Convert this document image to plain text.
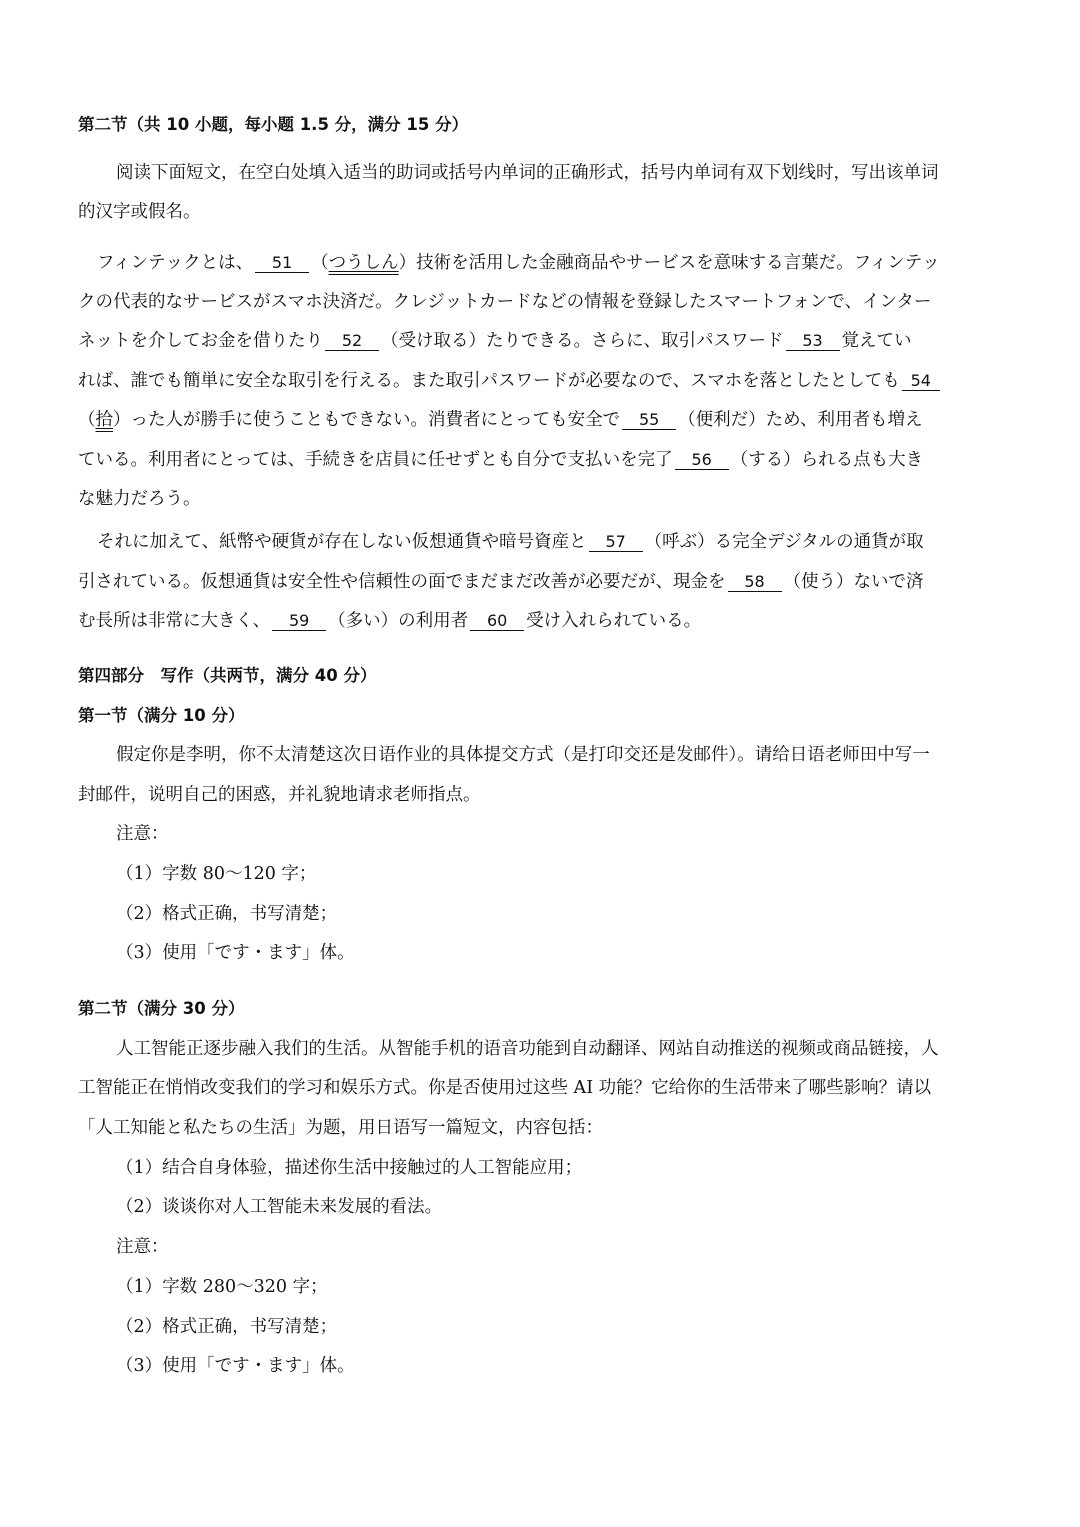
第二节（共 10 小题，每小题 1.5 分，满分 15 分）
阅读下面短文，在空白处填入适当的助词或括号内单词的正确形式，括号内单词有双下划线时，写出该单词
的汉字或假名。
フィンテックとは、 51 （つうしん）技術を活用した金融商品やサービスを意味する言葉だ。フィンテッ
クの代表的なサービスがスマホ決済だ。クレジットカードなどの情報を登録したスマートフォンで、インター
ネットを介してお金を借りたり 52 （受け取る）たりできる。さらに、取引パスワード 53 覚えてい
れば、誰でも簡単に安全な取引を行える。また取引パスワードが必要なので、スマホを落としたとしても 54
（拾）った人が勝手に使うこともできない。消費者にとっても安全で 55 （便利だ）ため、利用者も増え
ている。利用者にとっては、手続きを店員に任せずとも自分で支払いを完了 56 （する）られる点も大き
な魅力だろう。
それに加えて、紙幣や硬貨が存在しない仮想通貨や暗号資産と 57 （呼ぶ）る完全デジタルの通貨が取
引されている。仮想通貨は安全性や信頼性の面でまだまだ改善が必要だが、現金を 58 （使う）ないで済
む長所は非常に大きく、 59 （多い）の利用者 60 受け入れられている。
第四部分　写作（共两节，满分 40 分）
第一节（满分 10 分）
假定你是李明，你不太清楚这次日语作业的具体提交方式（是打印交还是发邮件）。请给日语老师田中写一
封邮件，说明自己的困惑，并礼貌地请求老师指点。
注意：
（1）字数 80～120 字；
（2）格式正确，书写清楚；
（3）使用「です・ます」体。
第二节（满分 30 分）
人工智能正逐步融入我们的生活。从智能手机的语音功能到自动翻译、网站自动推送的视频或商品链接，人
工智能正在悄悄改变我们的学习和娱乐方式。你是否使用过这些 AI 功能？它给你的生活带来了哪些影响？请以
「人工知能と私たちの生活」为题，用日语写一篇短文，内容包括：
（1）结合自身体验，描述你生活中接触过的人工智能应用；
（2）谈谈你对人工智能未来发展的看法。
注意：
（1）字数 280～320 字；
（2）格式正确，书写清楚；
（3）使用「です・ます」体。
